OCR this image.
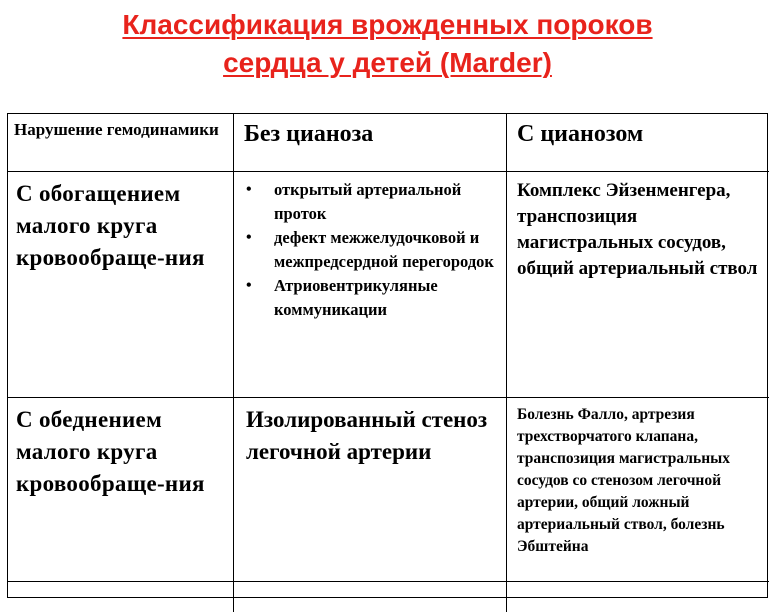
Классификация врожденных пороков
сердца у детей (Marder)
Нарушение гемодинамики	Без цианоза	С цианозом
С обогащением малого круга кровообраще-ния
• открытый артериальной проток
• дефект межжелудочковой и межпредсердной перегородок
• Атриовентрикуляные коммуникации
Комплекс Эйзенменгера, транспозиция магистральных сосудов, общий артериальный ствол
С обеднением малого круга кровообраще-ния
Изолированный стеноз легочной артерии
Болезнь Фалло, артрезия трехстворчатого клапана, транспозиция магистральных сосудов со стенозом легочной артерии, общий ложный артериальный ствол, болезнь Эбштейна
